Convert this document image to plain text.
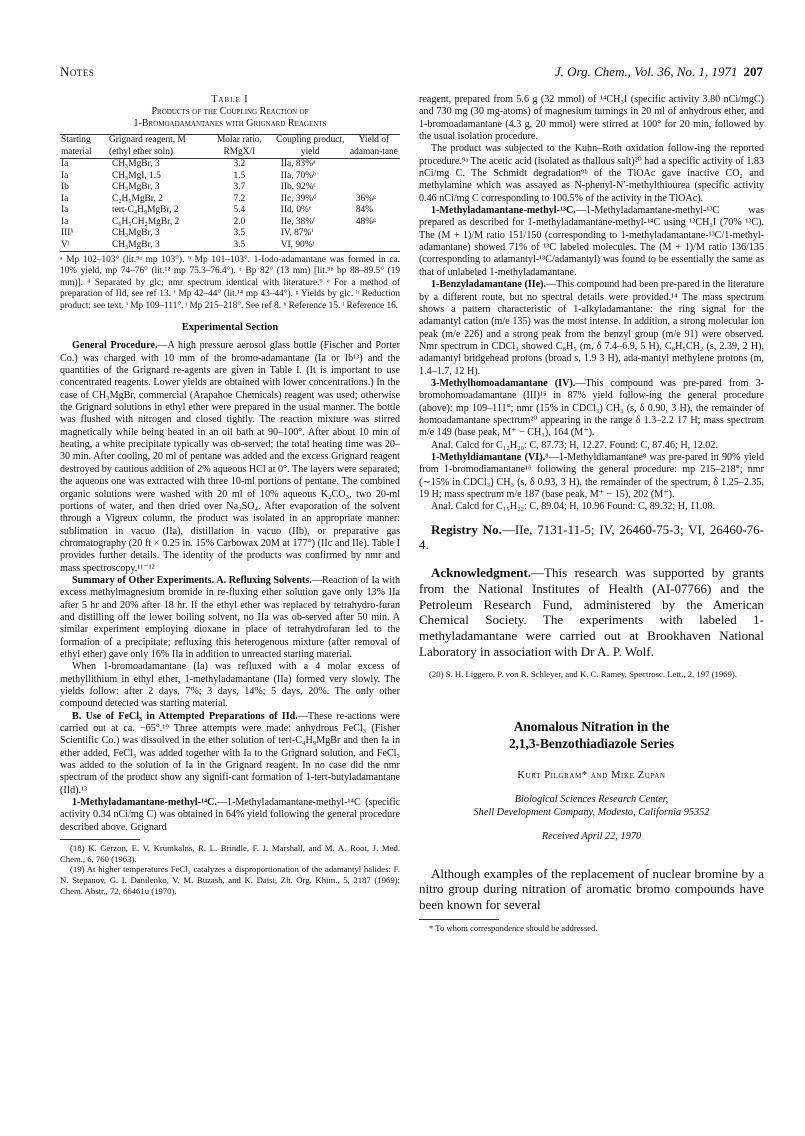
Notes	J. Org. Chem., Vol. 36, No. 1, 1971 207
Table I
Products of the Coupling Reaction of
1-Bromoadamantanes with Grignard Reagents
Starting material	Grignard reagent, M (ethyl ether soln)	Molar ratio, RMgX/I	Coupling product, yield	Yield of adaman-tane
Ia	CH₃MgBr, 3	3.2	IIa, 83%ᵃ	
Ia	CH₃MgI, 1.5	1.5	IIa, 70%ᵇ	
Ib	CH₃MgBr, 3	3.7	IIb, 92%ᶜ	
Ia	C₂H₅MgBr, 2	7.2	IIc, 39%ᵈ	36%ᵍ
Ia	tert-C₄H₉MgBr, 2	5.4	IId, 0%ᵉ	84%
Ia	C₆H₅CH₂MgBr, 2	2.0	IIe, 38%ᶠ	48%ᵍ
IIIʰ	CH₃MgBr, 3	3.5	IV, 87%ⁱ	
Vʲ	CH₃MgBr, 3	3.5	VI, 90%ʲ	
ᵃ Mp 102–103° (lit.⁹ᵃ mp 103°). ᵇ Mp 101–103°. 1-Iodo-adamantane was formed in ca. 10% yield, mp 74–76° (lit.¹² mp 75.3–76.4°). ᶜ Bp 82° (13 mm) [lit.⁹ᵇ bp 88–89.5° (19 mm)]. ᵈ Separated by glc; nmr spectrum identical with literature.⁹ ᵉ For a method of preparation of IId, see ref 13. ᶠ Mp 42–44° (lit.¹⁴ mp 43–44°). ᵍ Yields by glc. ʰ Reduction product; see text. ⁱ Mp 109–111°. ʲ Mp 215–218°. See ref 8. ʰ Reference 15. ˡ Reference 16.
Experimental Section

General Procedure.—A high pressure aerosol glass bottle (Fischer and Porter Co.) was charged with 10 mm of the bromo-adamantane (Ia or Ib¹³) and the quantities of the Grignard re-agents are given in Table I. (It is important to use concentrated reagents. Lower yields are obtained with lower concentrations.) In the case of CH₃MgBr, commercial (Arapahoe Chemicals) reagent was used; otherwise the Grignard solutions in ethyl ether were prepared in the usual manner. The bottle was flushed with nitrogen and closed tightly. The reaction mixture was stirred magnetically while being heated in an oil bath at 90–100°. After about 10 min of heating, a white precipitate typically was ob-served; the total heating time was 20–30 min. After cooling, 20 ml of pentane was added and the excess Grignard reagent destroyed by cautious addition of 2% aqueous HCl at 0°. The layers were separated; the aqueous one was extracted with three 10-ml portions of pentane. The combined organic solutions were washed with 20 ml of 10% aqueous K₂CO₃, two 20-ml portions of water, and then dried over Na₂SO₄. After evaporation of the solvent through a Vigreux column, the product was isolated in an appropriate manner: sublimation in vacuo (IIa), distillation in vacuo (IIb), or preparative gas chromatography (20 ft × 0.25 in. 15% Carbowax 20M at 177°) (IIc and IIe). Table I provides further details. The identity of the products was confirmed by nmr and mass spectroscopy.¹¹⁻¹²

Summary of Other Experiments. A. Refluxing Solvents.—Reaction of Ia with excess methylmagnesium bromide in re-fluxing ether solution gave only 13% IIa after 5 hr and 20% after 18 hr. If the ethyl ether was replaced by tetrahydro-furan and distilling off the lower boiling solvent, no IIa was ob-served after 50 min. A similar experiment employing dioxane in place of tetrahydrofuran led to the formation of a precipitate; refluxing this heterogenous mixture (after removal of ethyl ether) gave only 16% IIa in addition to unreacted starting material.

When 1-bromoadamantane (Ia) was refluxed with a 4 molar excess of methyllithium in ethyl ether, 1-methyladamantane (IIa) formed very slowly. The yields follow: after 2 days, 7%; 3 days, 14%; 5 days, 20%. The only other compound detected was starting material.

B. Use of FeCl₃ in Attempted Preparations of IId.—These re-actions were carried out at ca. −65°.¹⁹ Three attempts were made: anhydrous FeCl₃ (Fisher Scientific Co.) was dissolved in the ether solution of tert-C₄H₉MgBr and then Ia in ether added, FeCl₃ was added together with Ia to the Grignard solution, and FeCl₃ was added to the solution of Ia in the Grignard reagent. In no case did the nmr spectrum of the product show any signifi-cant formation of 1-tert-butyladamantane (IId).¹³

1-Methyladamantane-methyl-¹⁴C.—1-Methyladamantane-methyl-¹⁴C (specific activity 0.34 nCi/mg C) was obtained in 64% yield following the general procedure described above. Grignard

(18) K. Gerzon, E. V. Krumkalns, R. L. Brindle, F. J. Marshall, and M. A. Root, J. Med. Chem., 6, 760 (1963).
(19) At higher temperatures FeCl₃ catalyzes a disproportionation of the adamantyl halides: F. N. Stepanov, G. I. Danilenko, V. M. Buzash, and K. Daisi, Zh. Org. Khim., 5, 2187 (1969); Chem. Abstr., 72, 66461u (1970).

reagent, prepared from 5.6 g (32 mmol) of ¹⁴CH₃I (specific activity 3.80 nCi/mgC) and 730 mg (30 mg-atoms) of magnesium turnings in 20 ml of anhydrous ether, and 1-bromoadamantane (4.3 g, 20 mmol) were stirred at 100° for 20 min, followed by the usual isolation procedure.

The product was subjected to the Kuhn–Roth oxidation follow-ing the reported procedure.⁹ᵃ The acetic acid (isolated as thallous salt)²⁰ had a specific activity of 1.83 nCi/mg C. The Schmidt degradation⁹ᵇ of the TlOAc gave inactive CO₂ and methylamine which was assayed as N-phenyl-N′-methylthiourea (specific activity 0.46 nCi/mg C corresponding to 100.5% of the activity in the TlOAc).

1-Methyladamantane-methyl-¹³C.—1-Methyladamantane-methyl-¹³C was prepared as described for 1-methyladamantane-methyl-¹⁴C using ¹³CH₃I (70% ¹³C). The (M + 1)/M ratio 151/150 (corresponding to 1-methyladamantane-¹³C/1-methyl-adamantane) showed 71% of ¹³C labeled molecules. The (M + 1)/M ratio 136/135 (corresponding to adamantyl-¹³C/adamantyl) was found to be essentially the same as that of unlabeled 1-methyladamantane.

1-Benzyladamantane (IIe).—This compound had been pre-pared in the literature by a different route, but no spectral details were provided.¹⁴ The mass spectrum shows a pattern characteristic of 1-alkyladamantane: the ring signal for the adamantyl cation (m/e 135) was the most intense. In addition, a strong molecular ion peak (m/e 226) and a strong peak from the benzyl group (m/e 91) were observed. Nmr spectrum in CDCl₃ showed C₆H₅ (m, δ 7.4–6.9, 5 H), C₆H₅CH₂ (s, 2.39, 2 H), adamantyl bridgehead protons (broad s, 1.9 3 H), ada-mantyl methylene protons (m, 1.4–1.7, 12 H).

3-Methylhomoadamantane (IV).—This compound was pre-pared from 3-bromohomoadamantane (III)¹⁵ in 87% yield follow-ing the general procedure (above): mp 109–111°; nmr (15% in CDCl₃) CH₃ (s, δ 0.90, 3 H), the remainder of homoadamantane spectrum²⁰ appearing in the range δ 1.3–2.2 17 H; mass spectrum m/e 149 (base peak, M⁺ − CH₃), 164 (M⁺).

Anal. Calcd for C₁₂H₂₀: C, 87.73; H, 12.27. Found: C, 87.46; H, 12.02.

1-Methyldiamantane (VI).⁸—1-Methyldiamantane⁸ was pre-pared in 90% yield from 1-bromodiamantane¹⁶ following the general procedure: mp 215–218°; nmr (∼15% in CDCl₃) CH₃ (s, δ 0.93, 3 H), the remainder of the spectrum, δ 1.25–2.35, 19 H; mass spectrum m/e 187 (base peak, M⁺ − 15), 202 (M⁺).

Anal. Calcd for C₁₅H₂₂: C, 89.04; H, 10.96 Found: C, 89.32; H, 11.08.

Registry No.—IIe, 7131-11-5; IV, 26460-75-3; VI, 26460-76-4.

Acknowledgment.—This research was supported by grants from the National Institutes of Health (AI-07766) and the Petroleum Research Fund, administered by the American Chemical Society. The experiments with labeled 1-methyladamantane were carried out at Brookhaven National Laboratory in association with Dr A. P. Wolf.

(20) S. H. Liggero, P. von R. Schleyer, and K. C. Ramey, Spectrosc. Lett., 2, 197 (1969).
Anomalous Nitration in the
2,1,3-Benzothiadiazole Series
Kurt Pilgram* and Mike Zupan
Biological Sciences Research Center,
Shell Development Company, Modesto, California 95352
Received April 22, 1970

Although examples of the replacement of nuclear bromine by a nitro group during nitration of aromatic bromo compounds have been known for several

* To whom correspondence should be addressed.
